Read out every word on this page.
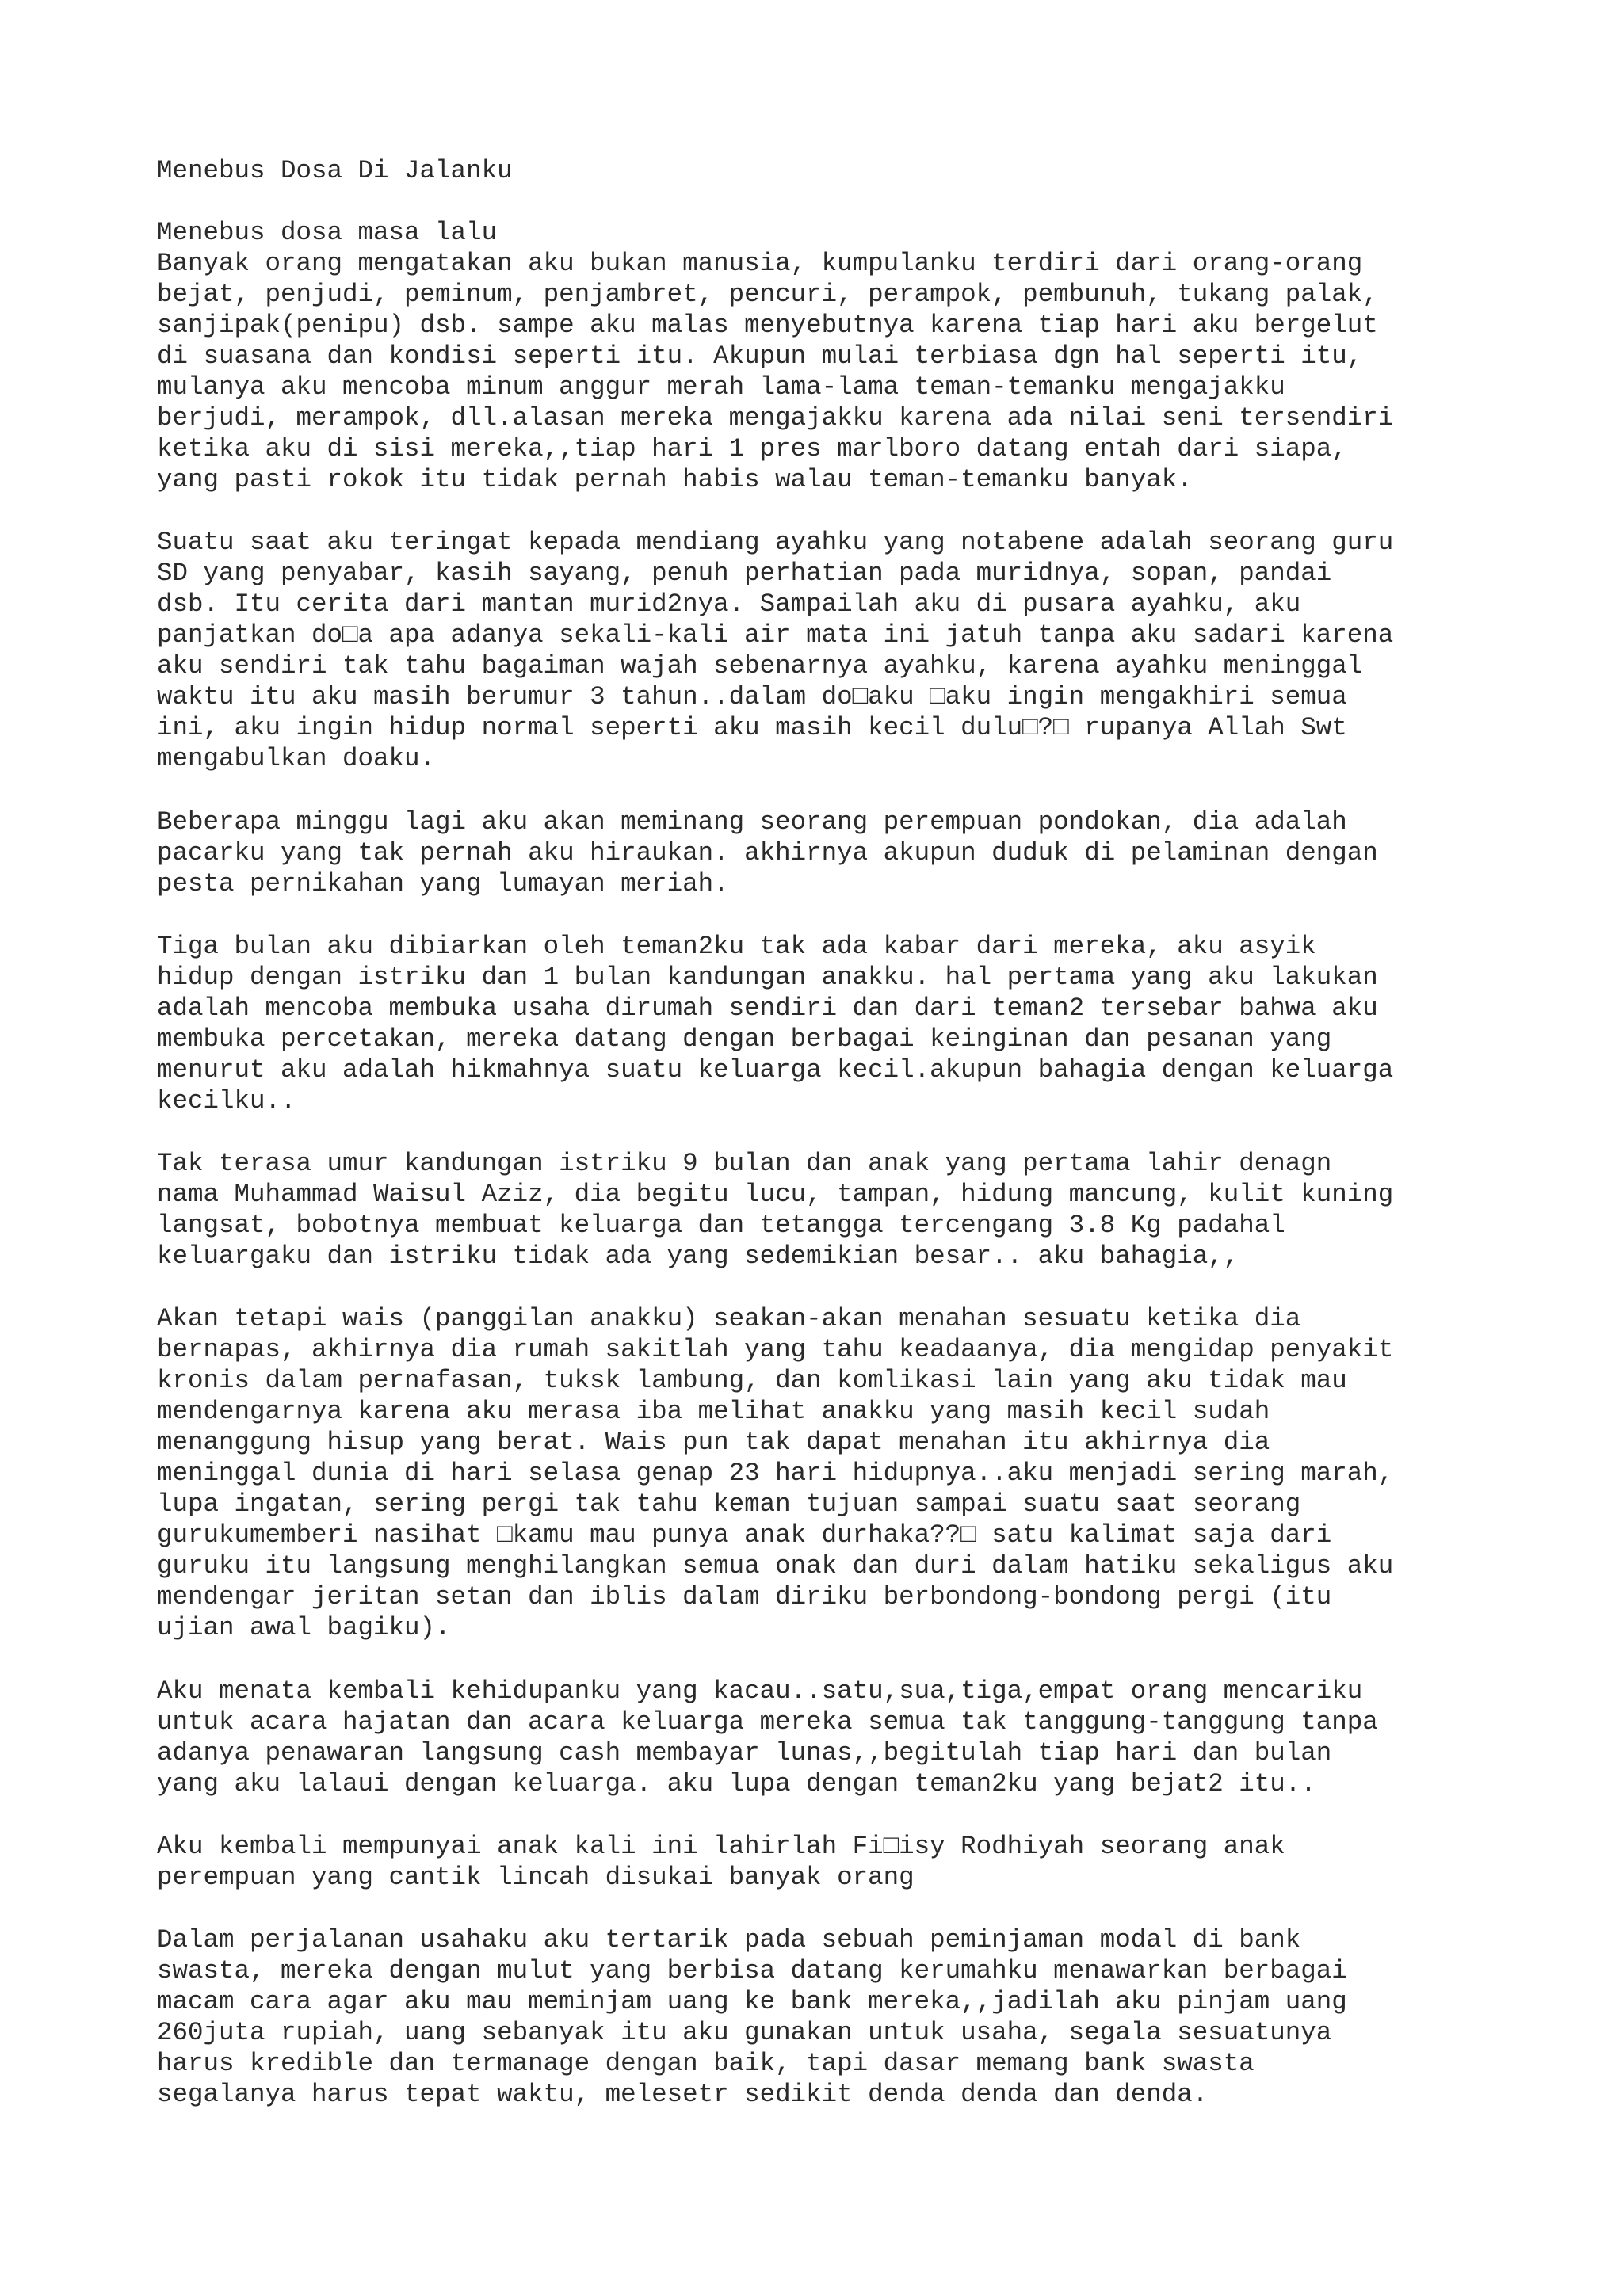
Menebus Dosa Di Jalanku
Menebus dosa masa lalu
Banyak orang mengatakan aku bukan manusia, kumpulanku terdiri dari orang-orang
bejat, penjudi, peminum, penjambret, pencuri, perampok, pembunuh, tukang palak,
sanjipak(penipu) dsb. sampe aku malas menyebutnya karena tiap hari aku bergelut
di suasana dan kondisi seperti itu. Akupun mulai terbiasa dgn hal seperti itu,
mulanya aku mencoba minum anggur merah lama-lama teman-temanku mengajakku
berjudi, merampok, dll.alasan mereka mengajakku karena ada nilai seni tersendiri
ketika aku di sisi mereka,,tiap hari 1 pres marlboro datang entah dari siapa,
yang pasti rokok itu tidak pernah habis walau teman-temanku banyak.
Suatu saat aku teringat kepada mendiang ayahku yang notabene adalah seorang guru
SD yang penyabar, kasih sayang, penuh perhatian pada muridnya, sopan, pandai
dsb. Itu cerita dari mantan murid2nya. Sampailah aku di pusara ayahku, aku
panjatkan do□a apa adanya sekali-kali air mata ini jatuh tanpa aku sadari karena
aku sendiri tak tahu bagaiman wajah sebenarnya ayahku, karena ayahku meninggal
waktu itu aku masih berumur 3 tahun..dalam do□aku □aku ingin mengakhiri semua
ini, aku ingin hidup normal seperti aku masih kecil dulu□?□ rupanya Allah Swt
mengabulkan doaku.
Beberapa minggu lagi aku akan meminang seorang perempuan pondokan, dia adalah
pacarku yang tak pernah aku hiraukan. akhirnya akupun duduk di pelaminan dengan
pesta pernikahan yang lumayan meriah.
Tiga bulan aku dibiarkan oleh teman2ku tak ada kabar dari mereka, aku asyik
hidup dengan istriku dan 1 bulan kandungan anakku. hal pertama yang aku lakukan
adalah mencoba membuka usaha dirumah sendiri dan dari teman2 tersebar bahwa aku
membuka percetakan, mereka datang dengan berbagai keinginan dan pesanan yang
menurut aku adalah hikmahnya suatu keluarga kecil.akupun bahagia dengan keluarga
kecilku..
Tak terasa umur kandungan istriku 9 bulan dan anak yang pertama lahir denagn
nama Muhammad Waisul Aziz, dia begitu lucu, tampan, hidung mancung, kulit kuning
langsat, bobotnya membuat keluarga dan tetangga tercengang 3.8 Kg padahal
keluargaku dan istriku tidak ada yang sedemikian besar.. aku bahagia,,
Akan tetapi wais (panggilan anakku) seakan-akan menahan sesuatu ketika dia
bernapas, akhirnya dia rumah sakitlah yang tahu keadaanya, dia mengidap penyakit
kronis dalam pernafasan, tuksk lambung, dan komlikasi lain yang aku tidak mau
mendengarnya karena aku merasa iba melihat anakku yang masih kecil sudah
menanggung hisup yang berat. Wais pun tak dapat menahan itu akhirnya dia
meninggal dunia di hari selasa genap 23 hari hidupnya..aku menjadi sering marah,
lupa ingatan, sering pergi tak tahu keman tujuan sampai suatu saat seorang
gurukumemberi nasihat □kamu mau punya anak durhaka??□ satu kalimat saja dari
guruku itu langsung menghilangkan semua onak dan duri dalam hatiku sekaligus aku
mendengar jeritan setan dan iblis dalam diriku berbondong-bondong pergi (itu
ujian awal bagiku).
Aku menata kembali kehidupanku yang kacau..satu,sua,tiga,empat orang mencariku
untuk acara hajatan dan acara keluarga mereka semua tak tanggung-tanggung tanpa
adanya penawaran langsung cash membayar lunas,,begitulah tiap hari dan bulan
yang aku lalaui dengan keluarga. aku lupa dengan teman2ku yang bejat2 itu..
Aku kembali mempunyai anak kali ini lahirlah Fi□isy Rodhiyah seorang anak
perempuan yang cantik lincah disukai banyak orang
Dalam perjalanan usahaku aku tertarik pada sebuah peminjaman modal di bank
swasta, mereka dengan mulut yang berbisa datang kerumahku menawarkan berbagai
macam cara agar aku mau meminjam uang ke bank mereka,,jadilah aku pinjam uang
260juta rupiah, uang sebanyak itu aku gunakan untuk usaha, segala sesuatunya
harus kredible dan termanage dengan baik, tapi dasar memang bank swasta
segalanya harus tepat waktu, melesetr sedikit denda denda dan denda.
